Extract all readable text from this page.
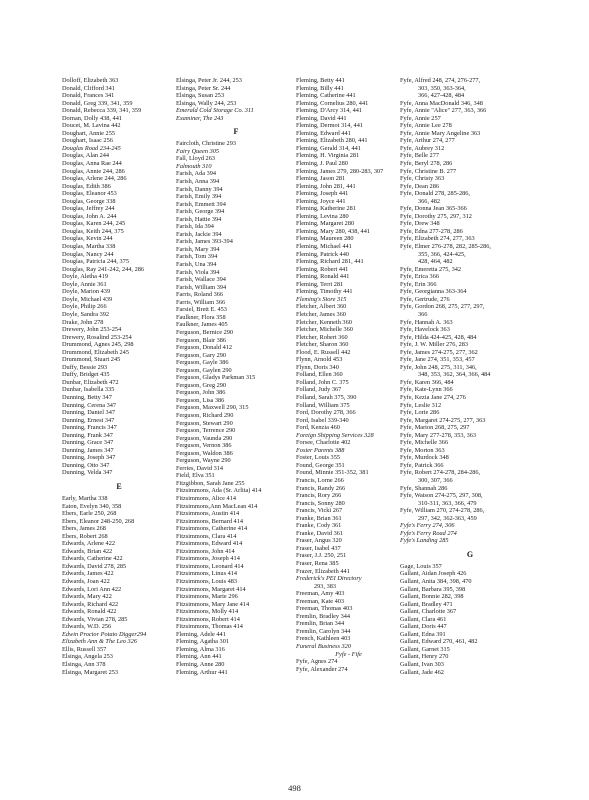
Dolloff, Elizabeth 363
Donald, Clifford 341
Donald, Frances 341
Donald, Greg 339, 341, 359
Donald, Rebecca 339, 341, 359
Dornan, Dolly 438, 441
Doucet, M. Lavina 442
Doughart, Annie 255
Doughart, Isaac 256
Douglas Road 234-245
Douglas, Alan 244
Douglas, Anna Rae 244
Douglas, Annie 244, 286
Douglas, Arlene 244, 286
Douglas, Edith 386
Douglas, Eleanor 453
Douglas, George 338
Douglas, Jeffrey 244
Douglas, John A. 244
Douglas, Karen 244, 245
Douglas, Keith 244, 375
Douglas, Kevin 244
Douglas, Martha 338
Douglas, Nancy 244
Douglas, Patricia 244, 375
Douglas, Ray 241-242, 244, 286
Doyle, Aletha 419
Doyle, Annie 361
Doyle, Marion 439
Doyle, Michael 439
Doyle, Philip 266
Doyle, Sandra 392
Drake, John 278
Drewery, John 253-254
Drewery, Rosalind 253-254
Drummond, Agnes 245, 298
Drummond, Elizabeth 245
Drummond, Stuart 245
Duffy, Bessie 293
Duffy, Bridget 435
Dunbar, Elizabeth 472
Dunbar, Isabella 335
Dunning, Betty 347
Dunning, Cerena 347
Dunning, Daniel 347
Dunning, Ernest 347
Dunning, Francis 347
Dunning, Frank 347
Dunning, Grace 347
Dunning, James 347
Dunning, Joseph 347
Dunning, Otto 347
Dunning, Velda 347
E
Early, Martha 338
Eaton, Evelyn 340, 358
Ebers, Earle 250, 268
Ebers, Eleanor 248-250, 268
Ebers, James 268
Ebers, Robert 268
Edwards, Arlene 422
Edwards, Brian 422
Edwards, Catherine 422
Edwards, David 278, 285
Edwards, James 422
Edwards, Joan 422
Edwards, Lori Ann 422
Edwards, Mary 422
Edwards, Richard 422
Edwards, Ronald 422
Edwards, Vivian 278, 285
Edwards, W.D. 256
Edwin Proctor Potato Digger294
Elizabeth Ann & The Leo 326
Ellis, Russell 357
Elsinga, Angela 253
Elsinga, Ann 378
Elsinga, Margaret 253
Elsinga, Peter Jr. 244, 253
Elsinga, Peter Sr. 244
Elsinga, Susan 253
Elsinga, Wally 244, 253
Emerald Cold Storage Co. 311
Examiner, The 243
F
Faircloth, Christine 293
Fairy Queen 305
Fall, Lloyd 263
Falmouth 310
Farish, Ada 394
Farish, Anna 394
Farish, Danny 394
Farish, Emily 394
Farish, Emmett 394
Farish, George 394
Farish, Hattie 394
Farish, Ida 394
Farish, Jackie 394
Farish, James 393-394
Farish, Mary 394
Farish, Tom 394
Farish, Una 394
Farish, Viola 394
Farish, Wallace 394
Farish, William 394
Farris, Roland 366
Farris, William 366
Farsiel, Brett E. 453
Faulkner, Flora 358
Faulkner, James 405
Ferguson, Bernice 290
Ferguson, Blair 386
Ferguson, Donald 412
Ferguson, Gary 290
Ferguson, Gayle 386
Ferguson, Gaylen 290
Ferguson, Gladys Parkman 315
Ferguson, Greg 290
Ferguson, John 386
Ferguson, Lisa 386
Ferguson, Maxwell 290, 315
Ferguson, Richard 290
Ferguson, Stewart 290
Ferguson, Terrence 290
Ferguson, Vaunda 290
Ferguson, Vernon 386
Ferguson, Waldon 386
Ferguson, Wayne 290
Ferries, David 314
Field, Elva 351
Fitzgibbon, Sarah Jane 255
Fitzsimmons, Ada (Sr. Arlita) 414
Fitzsimmons, Alice 414
Fitzsimmons,Ann MacLean 414
Fitzsimmons, Austin 414
Fitzsimmons, Bernard 414
Fitzsimmons, Catherine 414
Fitzsimmons, Clara 414
Fitzsimmons, Edward 414
Fitzsimmons, John 414
Fitzsimmons, Joseph 414
Fitzsimmons, Leonard 414
Fitzsimmons, Linus 414
Fitzsimmons, Louis 483
Fitzsimmons, Margaret 414
Fitzsimmons, Marie 296
Fitzsimmons, Mary Jane 414
Fitzsimmons, Molly 414
Fitzsimmons, Robert 414
Fitzsimmons, Thomas 414
Fleming, Adele 441
Fleming, Agatha 301
Fleming, Alma 316
Fleming, Ann 441
Fleming, Anne 280
Fleming, Arthur 441
Fleming, Betty 441
Fleming, Billy 441
Fleming, Catherine 441
Fleming, Cornelius 280, 441
Fleming, D'Arcy 314, 441
Fleming, David 441
Fleming, Dermot 314, 441
Fleming, Edward 441
Fleming, Elizabeth 280, 441
Fleming, Gerald 314, 441
Fleming, H. Virginia 281
Fleming, J. Paul 280
Fleming, James 279, 280-283, 307
Fleming, Jason 281
Fleming, John 281, 441
Fleming, Joseph 441
Fleming, Joyce 441
Fleming, Katherine 281
Fleming, Levina 280
Fleming, Margaret 280
Fleming, Mary 280, 438, 441
Fleming, Maureen 280
Fleming, Michael 441
Fleming, Patrick 440
Fleming, Richard 281, 441
Fleming, Robert 441
Fleming, Ronald 441
Fleming, Terri 281
Fleming, Timothy 441
Fleming's Store 315
Fletcher, Albert 360
Fletcher, James 360
Fletcher, Kenneth 360
Fletcher, Michelle 360
Fletcher, Robert 360
Fletcher, Sharon 360
Flood, E. Russell 442
Flynn, Arnold 453
Flynn, Doris 340
Folland, Ellen 360
Folland, John C. 375
Folland, Judy 367
Folland, Sarah 375, 390
Folland, William 375
Ford, Dorothy 278, 366
Ford, Isabel 339-340
Ford, Kenzia 460
Foreign Shipping Services 328
Forsee, Charlotte 402
Foster Parents 388
Foster, Louis 355
Found, George 351
Found, Minnie 351-352, 381
Francis, Lorne 266
Francis, Randy 266
Francis, Rory 266
Francis, Sonny 280
Francis, Vicki 267
Franke, Brian 361
Franke, Cody 361
Franke, David 361
Fraser, Angus 320
Fraser, Isabel 437
Fraser, J.J. 250, 251
Fraser, Rena 385
Frazer, Elizabeth 441
Frederick's PEI Directory
293, 383
Freeman, Amy 403
Freeman, Kate 403
Freeman, Thomas 403
Fremlin, Bradley 344
Fremlin, Brian 344
Fremlin, Carolyn 344
French, Kathleen 403
Funeral Business 320
Fyfe - Fife
Fyfe, Agnes 274
Fyfe, Alexander 274
Fyfe, Alfred 248, 274, 276-277,
303, 350, 363-364,
366, 427-428, 484
Fyfe, Anna MacDonald 346, 348
Fyfe, Annie "Alice" 277, 363, 366
Fyfe, Annie 257
Fyfe, Annie Lee 278
Fyfe, Annie Mary Angeline 363
Fyfe, Arthur 274, 277
Fyfe, Aubrey 312
Fyfe, Belle 277
Fyfe, Beryl 278, 286
Fyfe, Christine B. 277
Fyfe, Christy 363
Fyfe, Dean 286
Fyfe, Donald 278, 285-286,
366, 482
Fyfe, Donna Jean 365-366
Fyfe, Dorothy 275, 297, 312
Fyfe, Drew 348
Fyfe, Edna 277-278, 286
Fyfe, Elizabeth 274, 277, 363
Fyfe, Elmer 276-278, 282, 285-286,
355, 366, 424-425,
428, 464, 482
Fyfe, Emeretta 275, 342
Fyfe, Erica 366
Fyfe, Erin 366
Fyfe, Georgianna 363-364
Fyfe, Gertrude, 276
Fyfe, Gordon 268, 275, 277, 297,
366
Fyfe, Hannah A. 363
Fyfe, Havelock 363
Fyfe, Hilda 424-425, 428, 484
Fyfe, J. W. Miller 276, 283
Fyfe, James 274-275, 277, 362
Fyfe, Jane 274, 351, 353, 457
Fyfe, John 248, 275, 311, 346,
348, 353, 362, 364, 366, 484
Fyfe, Karen 366, 484
Fyfe, Kate-Lynn 366
Fyfe, Kezia Jane 274, 276
Fyfe, Leslie 312
Fyfe, Lorie 286
Fyfe, Margaret 274-275, 277, 363
Fyfe, Marion 268, 275, 297
Fyfe, Mary 277-278, 353, 363
Fyfe, Michelle 366
Fyfe, Morton 363
Fyfe, Murdock 348
Fyfe, Patrick 366
Fyfe, Robert 274-278, 284-286,
300, 307, 366
Fyfe, Shannah 286
Fyfe, Watson 274-275, 297, 308,
310-311, 363, 366, 479
Fyfe, William 270, 274-278, 286,
297, 342, 362-363, 459
Fyfe's Ferry 274, 306
Fyfe's Ferry Road 274
Fyfe's Landing 285
G
Gage, Louis 357
Gallant, Aidan Joseph 426
Gallant, Anita 384, 398, 470
Gallant, Barbara 395, 398
Gallant, Bonnie 282, 398
Gallant, Bradley 471
Gallant, Charlotte 367
Gallant, Clara 461
Gallant, Doris 447
Gallant, Edna 391
Gallant, Edward 270, 461, 482
Gallant, Garnet 315
Gallant, Henry 270
Gallant, Ivan 303
Gallant, Jade 462
498
